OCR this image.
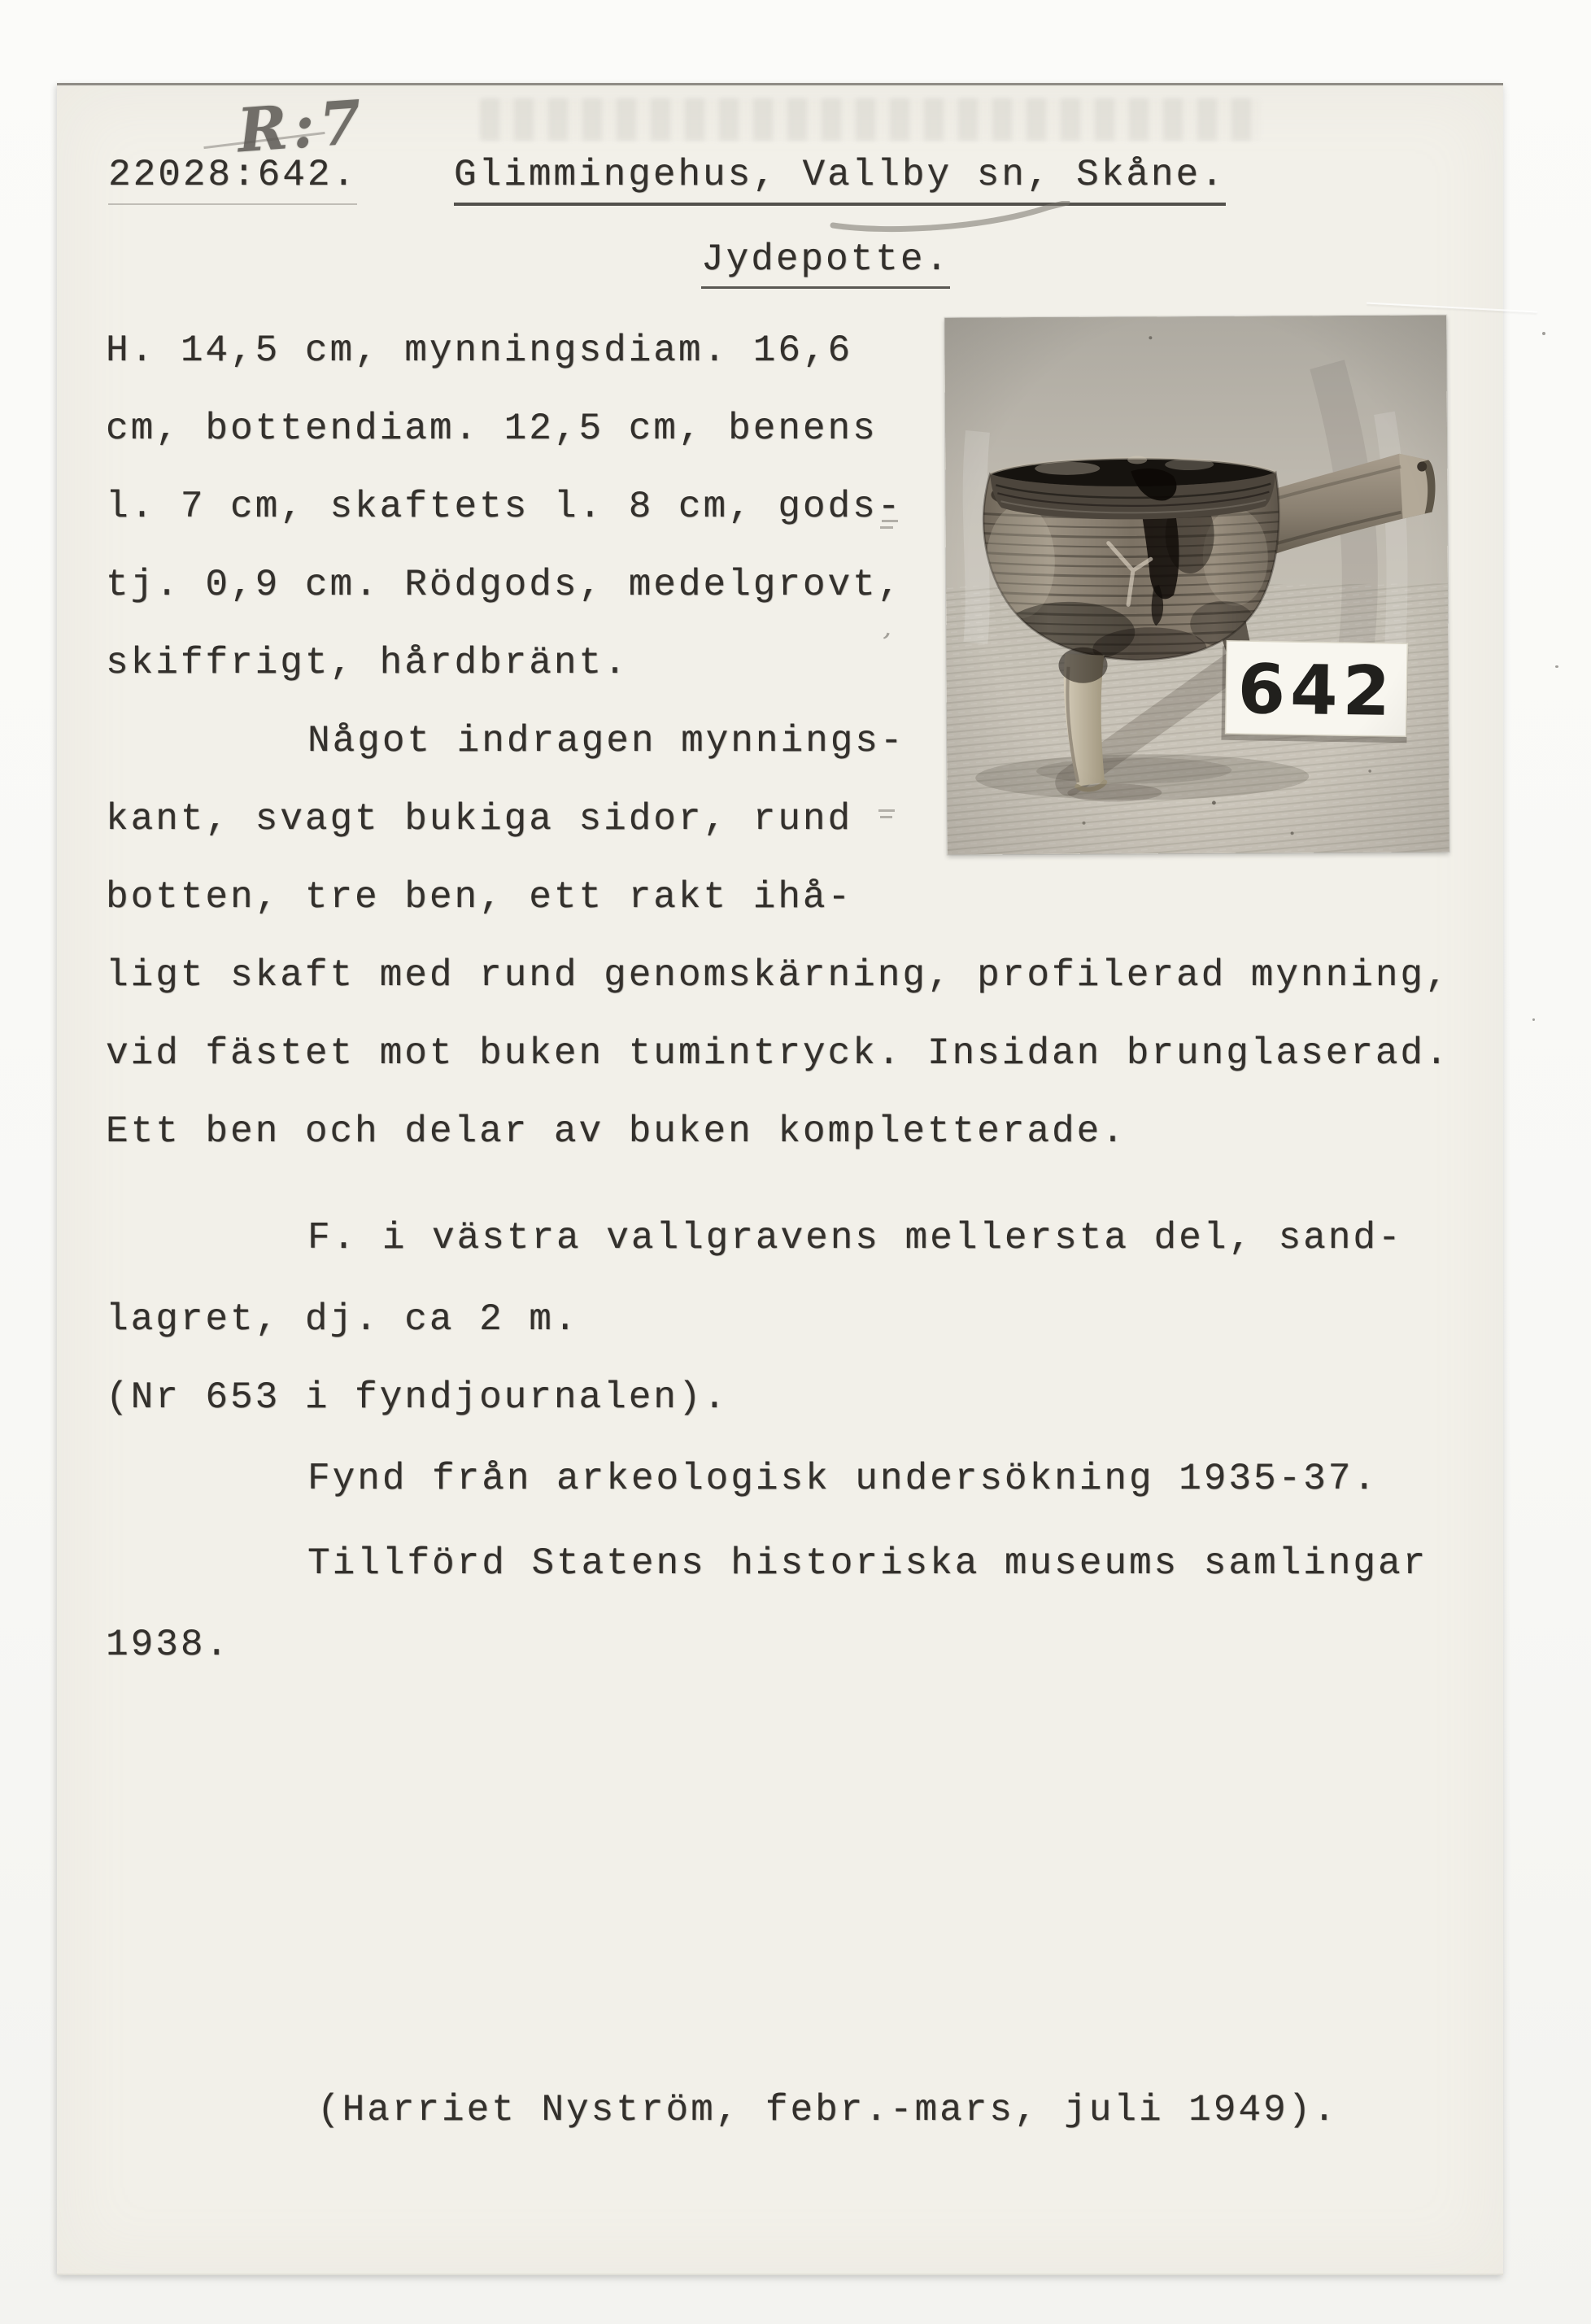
R:7
22028:642.	Glimmingehus, Vallby sn, Skåne.
Jydepotte.
H. 14,5 cm, mynningsdiam. 16,6
cm, bottendiam. 12,5 cm, benens
l. 7 cm, skaftets l. 8 cm, gods-
tj. 0,9 cm. Rödgods, medelgrovt,
skiffrigt, hårdbränt.
Något indragen mynnings-
kant, svagt bukiga sidor, rund
botten, tre ben, ett rakt ihå-
ligt skaft med rund genomskärning, profilerad mynning,
vid fästet mot buken tumintryck. Insidan brunglaserad.
Ett ben och delar av buken kompletterade.
F. i västra vallgravens mellersta del, sand-
lagret, dj. ca 2 m.
(Nr 653 i fyndjournalen).
Fynd från arkeologisk undersökning 1935-37.
Tillförd Statens historiska museums samlingar
1938.
(Harriet Nyström, febr.-mars, juli 1949).
,
